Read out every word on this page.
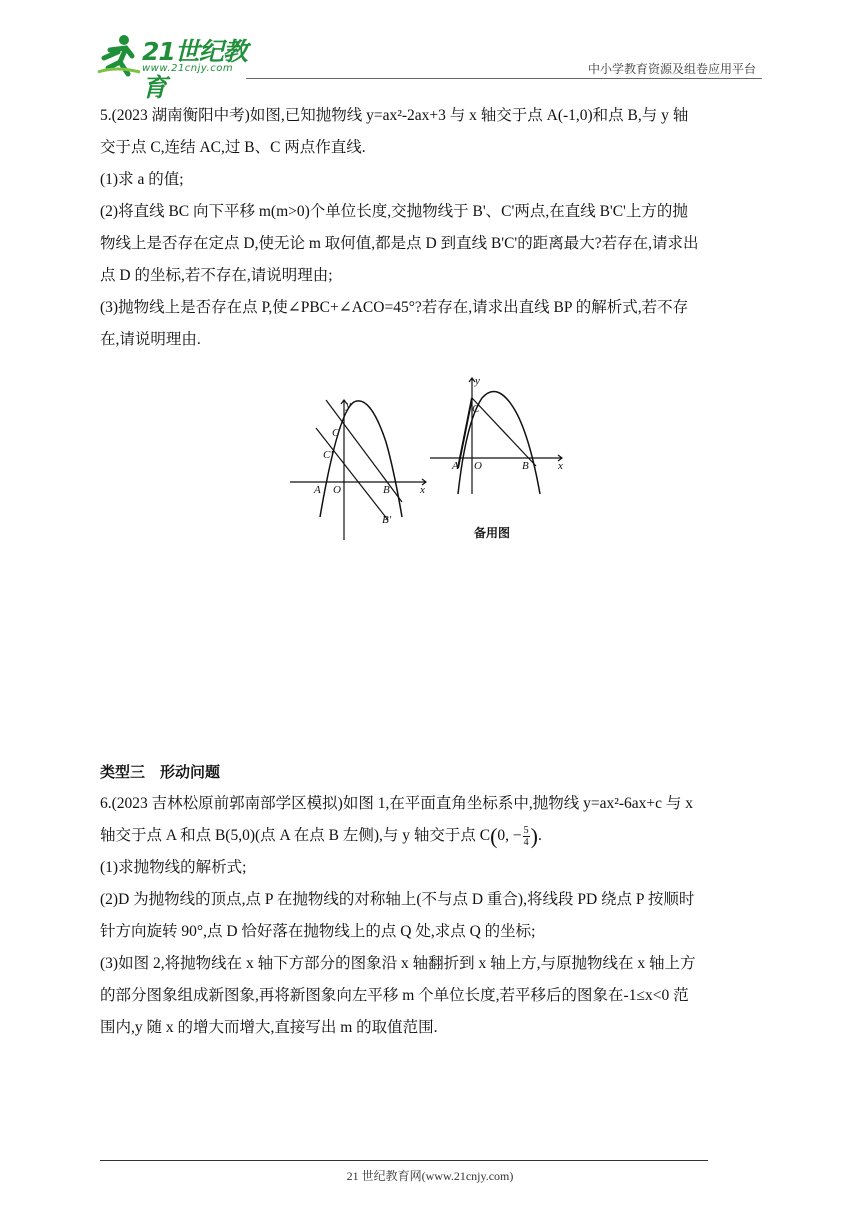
21世纪教育
www.21cnjy.com	中小学教育资源及组卷应用平台

5.(2023 湖南衡阳中考)如图,已知抛物线 y=ax²-2ax+3 与 x 轴交于点 A(-1,0)和点 B,与 y 轴

交于点 C,连结 AC,过 B、C 两点作直线.

(1)求 a 的值;

(2)将直线 BC 向下平移 m(m>0)个单位长度,交抛物线于 B'、C'两点,在直线 B'C'上方的抛

物线上是否存在定点 D,使无论 m 取何值,都是点 D 到直线 B'C'的距离最大?若存在,请求出

点 D 的坐标,若不存在,请说明理由;

(3)抛物线上是否存在点 P,使∠PBC+∠ACO=45°?若存在,请求出直线 BP 的解析式,若不存

在,请说明理由.

y
x
A O	B
C
C'
B'
y
x
A O	B
C
备用图

类型三　形动问题

6.(2023 吉林松原前郭南部学区模拟)如图 1,在平面直角坐标系中,抛物线 y=ax²-6ax+c 与 x

轴交于点 A 和点 B(5,0)(点 A 在点 B 左侧),与 y 轴交于点 C(0, − $\frac{5}{4}$ ).

(1)求抛物线的解析式;

(2)D 为抛物线的顶点,点 P 在抛物线的对称轴上(不与点 D 重合),将线段 PD 绕点 P 按顺时

针方向旋转 90°,点 D 恰好落在抛物线上的点 Q 处,求点 Q 的坐标;

(3)如图 2,将抛物线在 x 轴下方部分的图象沿 x 轴翻折到 x 轴上方,与原抛物线在 x 轴上方

的部分图象组成新图象,再将新图象向左平移 m 个单位长度,若平移后的图象在-1≤x<0 范

围内,y 随 x 的增大而增大,直接写出 m 的取值范围.

21 世纪教育网(www.21cnjy.com)
